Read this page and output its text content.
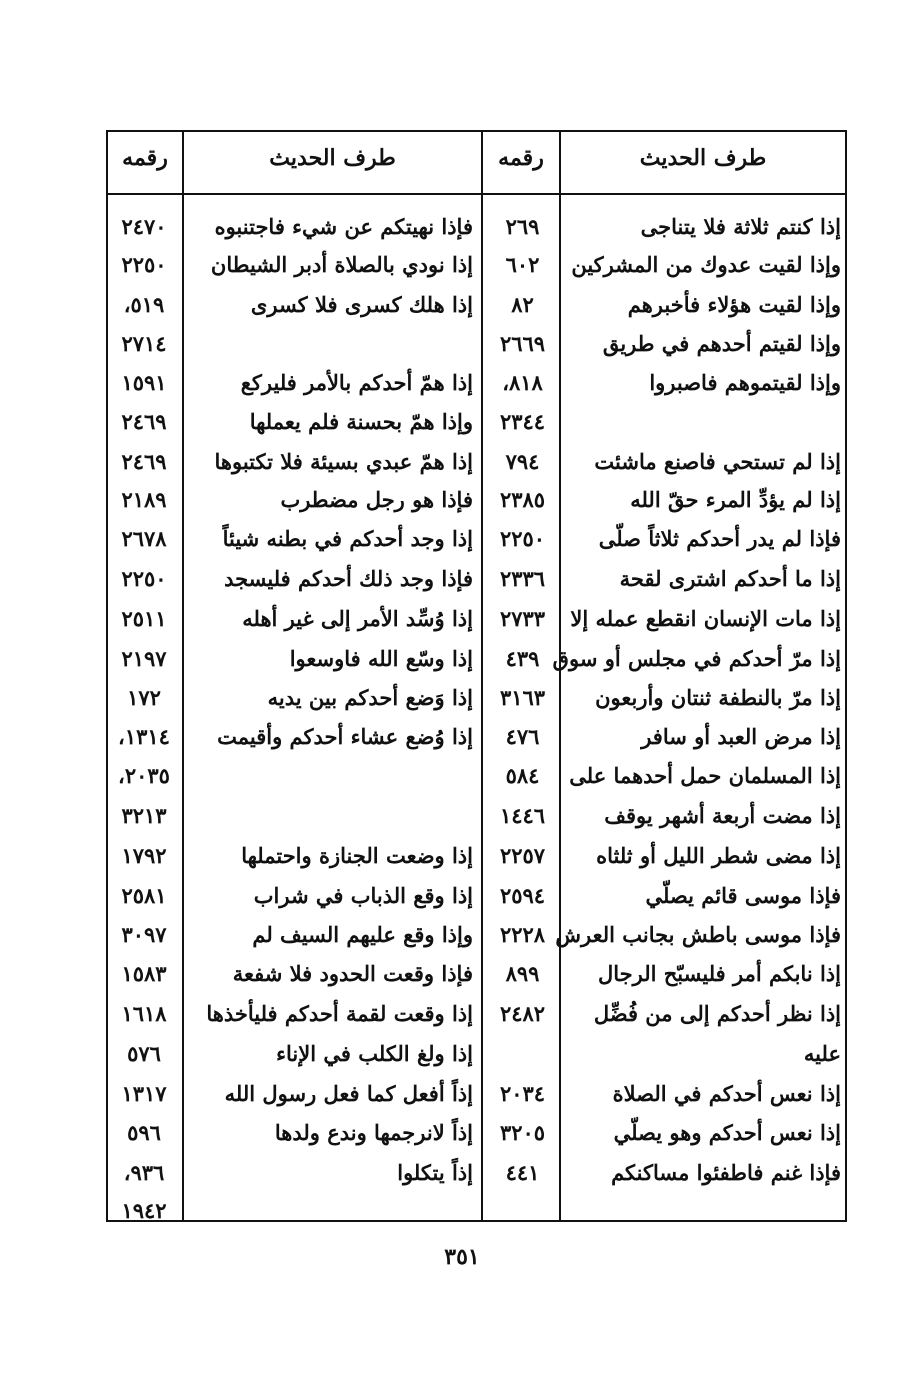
طرف الحديث
رقمه
طرف الحديث
رقمه
إذا كنتم ثلاثة فلا يتناجى
٢٦٩
فإذا نهيتكم عن شيء فاجتنبوه
٢٤٧٠
وإذا لقيت عدوك من المشركين
٦٠٢
إذا نودي بالصلاة أدبر الشيطان
٢٢٥٠
وإذا لقيت هؤلاء فأخبرهم
٨٢
إذا هلك كسرى فلا كسرى
٥١٩،
وإذا لقيتم أحدهم في طريق
٢٦٦٩
٢٧١٤
وإذا لقيتموهم فاصبروا
٨١٨،
إذا همّ أحدكم بالأمر فليركع
١٥٩١
٢٣٤٤
وإذا همّ بحسنة فلم يعملها
٢٤٦٩
إذا لم تستحي فاصنع ماشئت
٧٩٤
إذا همّ عبدي بسيئة فلا تكتبوها
٢٤٦٩
إذا لم يؤدِّ المرء حقّ الله
٢٣٨٥
فإذا هو رجل مضطرب
٢١٨٩
فإذا لم يدر أحدكم ثلاثاً صلّى
٢٢٥٠
إذا وجد أحدكم في بطنه شيئاً
٢٦٧٨
إذا ما أحدكم اشترى لقحة
٢٣٣٦
فإذا وجد ذلك أحدكم فليسجد
٢٢٥٠
إذا مات الإنسان انقطع عمله إلا
٢٧٣٣
إذا وُسِّد الأمر إلى غير أهله
٢٥١١
إذا مرّ أحدكم في مجلس أو سوق
٤٣٩
إذا وسّع الله فاوسعوا
٢١٩٧
إذا مرّ بالنطفة ثنتان وأربعون
٣١٦٣
إذا وَضع أحدكم بين يديه
١٧٢
إذا مرض العبد أو سافر
٤٧٦
إذا وُضع عشاء أحدكم وأقيمت
١٣١٤،
إذا المسلمان حمل أحدهما على
٥٨٤
٢٠٣٥،
إذا مضت أربعة أشهر يوقف
١٤٤٦
٣٢١٣
إذا مضى شطر الليل أو ثلثاه
٢٢٥٧
إذا وضعت الجنازة واحتملها
١٧٩٢
فإذا موسى قائم يصلّي
٢٥٩٤
إذا وقع الذباب في شراب
٢٥٨١
فإذا موسى باطش بجانب العرش
٢٢٢٨
وإذا وقع عليهم السيف لم
٣٠٩٧
إذا نابكم أمر فليسبّح الرجال
٨٩٩
فإذا وقعت الحدود فلا شفعة
١٥٨٣
إذا نظر أحدكم إلى من فُضِّل
٢٤٨٢
إذا وقعت لقمة أحدكم فليأخذها
١٦١٨
عليه
إذا ولغ الكلب في الإناء
٥٧٦
إذا نعس أحدكم في الصلاة
٢٠٣٤
إذاً أفعل كما فعل رسول الله
١٣١٧
إذا نعس أحدكم وهو يصلّي
٣٢٠٥
إذاً لانرجمها وندع ولدها
٥٩٦
فإذا غنم فاطفئوا مساكنكم
٤٤١
إذاً يتكلوا
٩٣٦،
١٩٤٢
٣٥١
